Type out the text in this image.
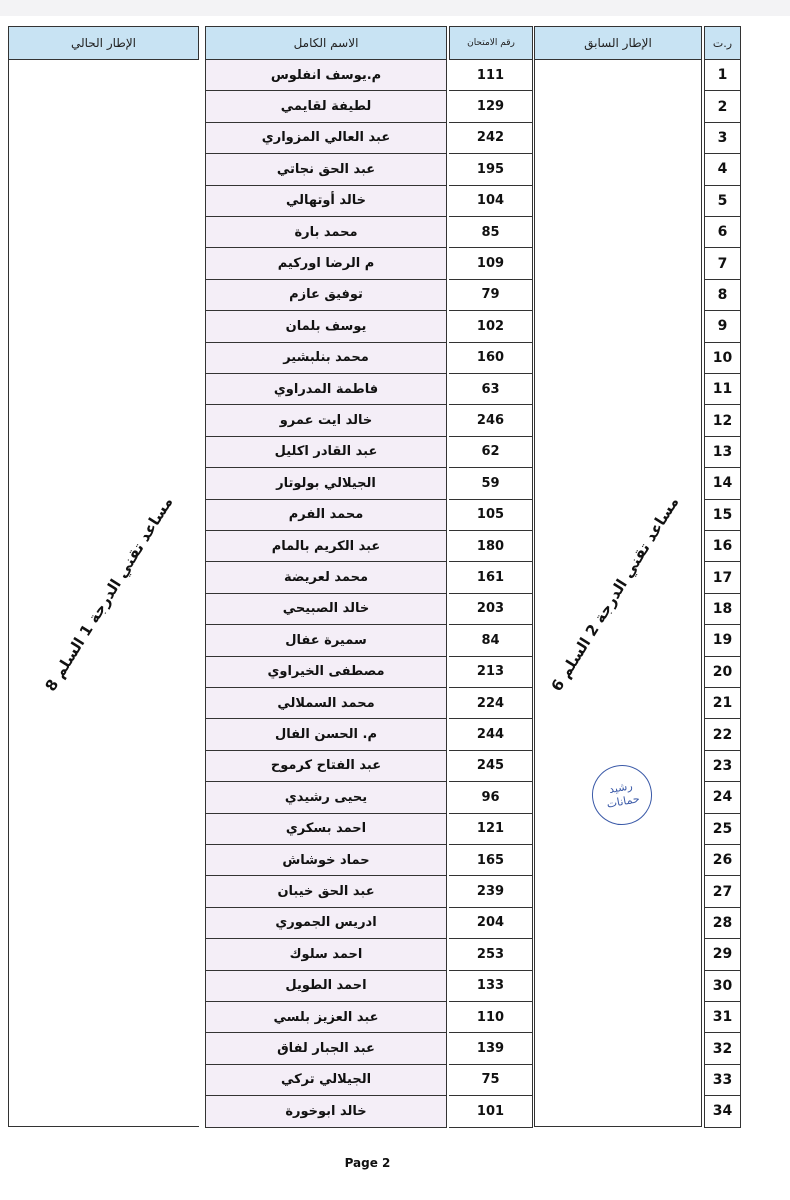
الإطار الحالي	الاسم الكامل	رقم الامتحان	الإطار السابق	ر.ت
مساعد تقني الدرجة 1 السلم 8
مساعد تقني الدرجة 2 السلم 6
م.يوسف انفلوس	111	1
لطيفة لقايمي	129	2
عبد العالي المزواري	242	3
عبد الحق نجاتي	195	4
خالد أوتهالي	104	5
محمد بارة	85	6
م الرضا اوركيم	109	7
توفيق عازم	79	8
يوسف بلمان	102	9
محمد بنلبشير	160	10
فاطمة المدراوي	63	11
خالد ايت عمرو	246	12
عبد القادر اكليل	62	13
الجيلالي بولوتار	59	14
محمد الفرم	105	15
عبد الكريم بالمام	180	16
محمد لعريضة	161	17
خالد الصبيحي	203	18
سميرة عفال	84	19
مصطفى الخيراوي	213	20
محمد السملالي	224	21
م. الحسن الفال	244	22
عبد الفتاح كرموح	245	23
يحيى رشيدي	96	24
احمد بسكري	121	25
حماد خوشاش	165	26
عبد الحق خيبان	239	27
ادريس الجموري	204	28
احمد سلوك	253	29
احمد الطويل	133	30
عبد العزيز بلسي	110	31
عبد الجبار لفاق	139	32
الجيلالي تركي	75	33
خالد ابوخورة	101	34
رشيد
حمانات
Page 2
